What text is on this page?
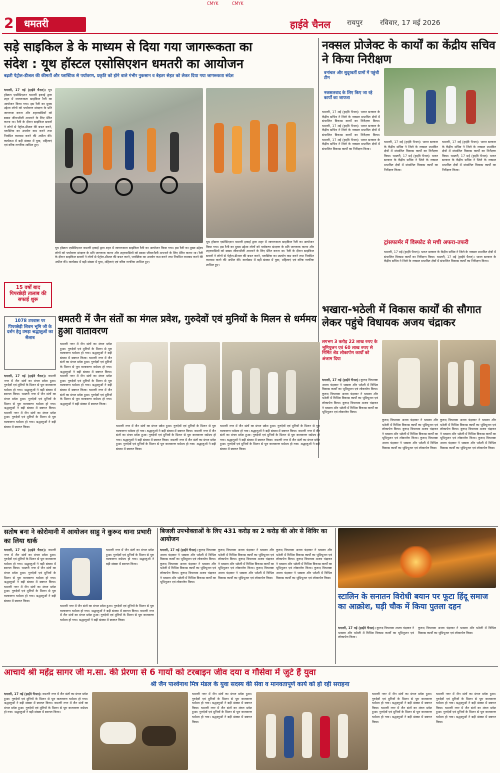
CMYK	CMYK
2	धमतरी	हाईवे चैनल रायपुर रविवार, 17 मई 2026
सड़े साइकिल डे के माध्यम से दिया गया जागरूकता का
संदेश : यूथ हॉस्टल एसोसिएशन धमतरी का आयोजन
बढ़ती पेट्रोल-डीजल की कीमतों और प्लास्टिक से पर्यावरण, प्रकृति को होने वाले गंभीर नुकसान व बेहतर सेहत को लेकर दिया गया जागरूकता संदेश
धमतरी, 17 मई (हाईवे चैनल)। यूथ हॉस्टल एसोसिएशन धमतरी इकाई द्वारा शहर में जागरूकता साइकिल रैली का आयोजन किया गया। इस रैली का मुख्य उद्देश्य लोगों को पर्यावरण संरक्षण के प्रति जागरूक करना और शहरवासियों को स्वस्थ जीवनशैली अपनाने के लिए प्रेरित करना था। रैली के दौरान साइकिल सवारों ने लोगों से पेट्रोल-डीजल की बचत करने, प्लास्टिक का उपयोग कम करने तथा नियमित व्यायाम करने की अपील की। कार्यक्रम में बड़ी संख्या में युवा, महिलाएं एवं वरिष्ठ नागरिक शामिल हुए।
यूथ हॉस्टल एसोसिएशन धमतरी इकाई द्वारा शहर में जागरूकता साइकिल रैली का आयोजन किया गया। इस रैली का मुख्य उद्देश्य लोगों को पर्यावरण संरक्षण के प्रति जागरूक करना और शहरवासियों को स्वस्थ जीवनशैली अपनाने के लिए प्रेरित करना था। रैली के दौरान साइकिल सवारों ने लोगों से पेट्रोल-डीजल की बचत करने, प्लास्टिक का उपयोग कम करने तथा नियमित व्यायाम करने की अपील की। कार्यक्रम में बड़ी संख्या में युवा, महिलाएं एवं वरिष्ठ नागरिक शामिल हुए।
यूथ हॉस्टल एसोसिएशन धमतरी इकाई द्वारा शहर में जागरूकता साइकिल रैली का आयोजन किया गया। इस रैली का मुख्य उद्देश्य लोगों को पर्यावरण संरक्षण के प्रति जागरूक करना और शहरवासियों को स्वस्थ जीवनशैली अपनाने के लिए प्रेरित करना था। रैली के दौरान साइकिल सवारों ने लोगों से पेट्रोल-डीजल की बचत करने, प्लास्टिक का उपयोग कम करने तथा नियमित व्यायाम करने की अपील की। कार्यक्रम में बड़ी संख्या में युवा, महिलाएं एवं वरिष्ठ नागरिक शामिल हुए।
15 वर्षों बाद पिपरछेड़ी तालाब की सफाई शुरू
नक्सल प्रोजेक्ट के कार्यों का केंद्रीय सचिव ने किया निरीक्षण
वनांचल और सुदूरवर्ती ग्रामों में पहुंची टीम
नकसलवाद के लिए किए जा रहे कार्यों का जायजा
धमतरी, 17 मई (हाईवे चैनल)। भारत सरकार के केंद्रीय सचिव ने जिले के नक्सल प्रभावित क्षेत्रों में संचालित विकास कार्यों का निरीक्षण किया। धमतरी, 17 मई (हाईवे चैनल)। भारत सरकार के केंद्रीय सचिव ने जिले के नक्सल प्रभावित क्षेत्रों में संचालित विकास कार्यों का निरीक्षण किया। धमतरी, 17 मई (हाईवे चैनल)। भारत सरकार के केंद्रीय सचिव ने जिले के नक्सल प्रभावित क्षेत्रों में संचालित विकास कार्यों का निरीक्षण किया।
धमतरी, 17 मई (हाईवे चैनल)। भारत सरकार के केंद्रीय सचिव ने जिले के नक्सल प्रभावित क्षेत्रों में संचालित विकास कार्यों का निरीक्षण किया। धमतरी, 17 मई (हाईवे चैनल)। भारत सरकार के केंद्रीय सचिव ने जिले के नक्सल प्रभावित क्षेत्रों में संचालित विकास कार्यों का निरीक्षण किया।
धमतरी, 17 मई (हाईवे चैनल)। भारत सरकार के केंद्रीय सचिव ने जिले के नक्सल प्रभावित क्षेत्रों में संचालित विकास कार्यों का निरीक्षण किया। धमतरी, 17 मई (हाईवे चैनल)। भारत सरकार के केंद्रीय सचिव ने जिले के नक्सल प्रभावित क्षेत्रों में संचालित विकास कार्यों का निरीक्षण किया।
ट्रांसफार्मर में विस्फोट से मची अफरा-तफरी
धमतरी, 17 मई (हाईवे चैनल)। भारत सरकार के केंद्रीय सचिव ने जिले के नक्सल प्रभावित क्षेत्रों में संचालित विकास कार्यों का निरीक्षण किया। धमतरी, 17 मई (हाईवे चैनल)। भारत सरकार के केंद्रीय सचिव ने जिले के नक्सल प्रभावित क्षेत्रों में संचालित विकास कार्यों का निरीक्षण किया।
धमतरी में जैन संतों का मंगल प्रवेश, गुरुदेवों एवं मुनियों के मिलन से धर्ममय हुआ वातावरण
1078 उपवास पर पिपरछेड़ी शिवम भूमि जी के दर्शन हेतु उमड़ा श्रद्धालुओं का सैलाब
धमतरी, 17 मई (हाईवे चैनल)। धमतरी नगर में जैन संतों का मंगल प्रवेश हुआ। गुरुदेवों एवं मुनियों के मिलन से पूरा वातावरण धर्ममय हो गया। श्रद्धालुओं ने बड़ी संख्या में स्वागत किया। धमतरी नगर में जैन संतों का मंगल प्रवेश हुआ। गुरुदेवों एवं मुनियों के मिलन से पूरा वातावरण धर्ममय हो गया। श्रद्धालुओं ने बड़ी संख्या में स्वागत किया। धमतरी नगर में जैन संतों का मंगल प्रवेश हुआ। गुरुदेवों एवं मुनियों के मिलन से पूरा वातावरण धर्ममय हो गया। श्रद्धालुओं ने बड़ी संख्या में स्वागत किया।
धमतरी नगर में जैन संतों का मंगल प्रवेश हुआ। गुरुदेवों एवं मुनियों के मिलन से पूरा वातावरण धर्ममय हो गया। श्रद्धालुओं ने बड़ी संख्या में स्वागत किया। धमतरी नगर में जैन संतों का मंगल प्रवेश हुआ। गुरुदेवों एवं मुनियों के मिलन से पूरा वातावरण धर्ममय हो गया। श्रद्धालुओं ने बड़ी संख्या में स्वागत किया। धमतरी नगर में जैन संतों का मंगल प्रवेश हुआ। गुरुदेवों एवं मुनियों के मिलन से पूरा वातावरण धर्ममय हो गया। श्रद्धालुओं ने बड़ी संख्या में स्वागत किया। धमतरी नगर में जैन संतों का मंगल प्रवेश हुआ। गुरुदेवों एवं मुनियों के मिलन से पूरा वातावरण धर्ममय हो गया। श्रद्धालुओं ने बड़ी संख्या में स्वागत किया।
धमतरी नगर में जैन संतों का मंगल प्रवेश हुआ। गुरुदेवों एवं मुनियों के मिलन से पूरा वातावरण धर्ममय हो गया। श्रद्धालुओं ने बड़ी संख्या में स्वागत किया। धमतरी नगर में जैन संतों का मंगल प्रवेश हुआ। गुरुदेवों एवं मुनियों के मिलन से पूरा वातावरण धर्ममय हो गया। श्रद्धालुओं ने बड़ी संख्या में स्वागत किया। धमतरी नगर में जैन संतों का मंगल प्रवेश हुआ। गुरुदेवों एवं मुनियों के मिलन से पूरा वातावरण धर्ममय हो गया। श्रद्धालुओं ने बड़ी संख्या में स्वागत किया।
धमतरी नगर में जैन संतों का मंगल प्रवेश हुआ। गुरुदेवों एवं मुनियों के मिलन से पूरा वातावरण धर्ममय हो गया। श्रद्धालुओं ने बड़ी संख्या में स्वागत किया। धमतरी नगर में जैन संतों का मंगल प्रवेश हुआ। गुरुदेवों एवं मुनियों के मिलन से पूरा वातावरण धर्ममय हो गया। श्रद्धालुओं ने बड़ी संख्या में स्वागत किया। धमतरी नगर में जैन संतों का मंगल प्रवेश हुआ। गुरुदेवों एवं मुनियों के मिलन से पूरा वातावरण धर्ममय हो गया। श्रद्धालुओं ने बड़ी संख्या में स्वागत किया।
भखारा-भठेली में विकास कार्यों की सौगात लेकर पहुंचे विधायक अजय चंद्राकर
लगभग 3 करोड़ 22 लाख रुपए के भूमिपूजन एवं 60 लाख रुपए से निर्मित शेड लोकार्पण कार्यों को अंजाम दिया
धमतरी, 17 मई (हाईवे चैनल)। कुरूद विधायक अजय चंद्राकर ने भखारा और भठेली में विभिन्न विकास कार्यों का भूमिपूजन एवं लोकार्पण किया। कुरूद विधायक अजय चंद्राकर ने भखारा और भठेली में विभिन्न विकास कार्यों का भूमिपूजन एवं लोकार्पण किया। कुरूद विधायक अजय चंद्राकर ने भखारा और भठेली में विभिन्न विकास कार्यों का भूमिपूजन एवं लोकार्पण किया।
कुरूद विधायक अजय चंद्राकर ने भखारा और भठेली में विभिन्न विकास कार्यों का भूमिपूजन एवं लोकार्पण किया। कुरूद विधायक अजय चंद्राकर ने भखारा और भठेली में विभिन्न विकास कार्यों का भूमिपूजन एवं लोकार्पण किया। कुरूद विधायक अजय चंद्राकर ने भखारा और भठेली में विभिन्न विकास कार्यों का भूमिपूजन एवं लोकार्पण किया।
कुरूद विधायक अजय चंद्राकर ने भखारा और भठेली में विभिन्न विकास कार्यों का भूमिपूजन एवं लोकार्पण किया। कुरूद विधायक अजय चंद्राकर ने भखारा और भठेली में विभिन्न विकास कार्यों का भूमिपूजन एवं लोकार्पण किया। कुरूद विधायक अजय चंद्राकर ने भखारा और भठेली में विभिन्न विकास कार्यों का भूमिपूजन एवं लोकार्पण किया।
सतोष बना ने कोरोमानी में आयोजन साहु ने कुरूद थाना प्रभारी का लिया धार्क
धमतरी, 17 मई (हाईवे चैनल)। धमतरी नगर में जैन संतों का मंगल प्रवेश हुआ। गुरुदेवों एवं मुनियों के मिलन से पूरा वातावरण धर्ममय हो गया। श्रद्धालुओं ने बड़ी संख्या में स्वागत किया। धमतरी नगर में जैन संतों का मंगल प्रवेश हुआ। गुरुदेवों एवं मुनियों के मिलन से पूरा वातावरण धर्ममय हो गया। श्रद्धालुओं ने बड़ी संख्या में स्वागत किया। धमतरी नगर में जैन संतों का मंगल प्रवेश हुआ। गुरुदेवों एवं मुनियों के मिलन से पूरा वातावरण धर्ममय हो गया। श्रद्धालुओं ने बड़ी संख्या में स्वागत किया।
धमतरी नगर में जैन संतों का मंगल प्रवेश हुआ। गुरुदेवों एवं मुनियों के मिलन से पूरा वातावरण धर्ममय हो गया। श्रद्धालुओं ने बड़ी संख्या में स्वागत किया। धमतरी नगर में जैन संतों का मंगल प्रवेश हुआ। गुरुदेवों एवं मुनियों के मिलन से पूरा वातावरण धर्ममय हो गया। श्रद्धालुओं ने बड़ी संख्या में स्वागत किया।
धमतरी नगर में जैन संतों का मंगल प्रवेश हुआ। गुरुदेवों एवं मुनियों के मिलन से पूरा वातावरण धर्ममय हो गया। श्रद्धालुओं ने बड़ी संख्या में स्वागत किया।
बिजली उपभोक्ताओं के लिए 431 करोड़ का 2 करोड़ की ओर से शिविर का आयोजन
धमतरी, 17 मई (हाईवे चैनल)। कुरूद विधायक अजय चंद्राकर ने भखारा और भठेली में विभिन्न विकास कार्यों का भूमिपूजन एवं लोकार्पण किया। कुरूद विधायक अजय चंद्राकर ने भखारा और भठेली में विभिन्न विकास कार्यों का भूमिपूजन एवं लोकार्पण किया। कुरूद विधायक अजय चंद्राकर ने भखारा और भठेली में विभिन्न विकास कार्यों का भूमिपूजन एवं लोकार्पण किया।
कुरूद विधायक अजय चंद्राकर ने भखारा और भठेली में विभिन्न विकास कार्यों का भूमिपूजन एवं लोकार्पण किया। कुरूद विधायक अजय चंद्राकर ने भखारा और भठेली में विभिन्न विकास कार्यों का भूमिपूजन एवं लोकार्पण किया। कुरूद विधायक अजय चंद्राकर ने भखारा और भठेली में विभिन्न विकास कार्यों का भूमिपूजन एवं लोकार्पण किया।
कुरूद विधायक अजय चंद्राकर ने भखारा और भठेली में विभिन्न विकास कार्यों का भूमिपूजन एवं लोकार्पण किया। कुरूद विधायक अजय चंद्राकर ने भखारा और भठेली में विभिन्न विकास कार्यों का भूमिपूजन एवं लोकार्पण किया। कुरूद विधायक अजय चंद्राकर ने भखारा और भठेली में विभिन्न विकास कार्यों का भूमिपूजन एवं लोकार्पण किया।
स्टालिन के सनातन विरोधी बयान पर फूटा हिंदू समाज का आक्रोश, घड़ी चौक में किया पुतला दहन
धमतरी, 17 मई (हाईवे चैनल)। कुरूद विधायक अजय चंद्राकर ने भखारा और भठेली में विभिन्न विकास कार्यों का भूमिपूजन एवं लोकार्पण किया।
कुरूद विधायक अजय चंद्राकर ने भखारा और भठेली में विभिन्न विकास कार्यों का भूमिपूजन एवं लोकार्पण किया।
आचार्य श्री महेंद्र सागर जी म.सा. की प्रेरणा से 6 गायों को टरबाइन जीव दया व गौसेवा में जुटे हैं युवा
श्री जैन पार्श्वनाथ मित्र मंडल के युवा सदस्य की सेवा व मानवतापूर्ण कार्य को हो रही सराहना
धमतरी, 17 मई (हाईवे चैनल)। धमतरी नगर में जैन संतों का मंगल प्रवेश हुआ। गुरुदेवों एवं मुनियों के मिलन से पूरा वातावरण धर्ममय हो गया। श्रद्धालुओं ने बड़ी संख्या में स्वागत किया। धमतरी नगर में जैन संतों का मंगल प्रवेश हुआ। गुरुदेवों एवं मुनियों के मिलन से पूरा वातावरण धर्ममय हो गया। श्रद्धालुओं ने बड़ी संख्या में स्वागत किया।
धमतरी नगर में जैन संतों का मंगल प्रवेश हुआ। गुरुदेवों एवं मुनियों के मिलन से पूरा वातावरण धर्ममय हो गया। श्रद्धालुओं ने बड़ी संख्या में स्वागत किया। धमतरी नगर में जैन संतों का मंगल प्रवेश हुआ। गुरुदेवों एवं मुनियों के मिलन से पूरा वातावरण धर्ममय हो गया। श्रद्धालुओं ने बड़ी संख्या में स्वागत किया।
धमतरी नगर में जैन संतों का मंगल प्रवेश हुआ। गुरुदेवों एवं मुनियों के मिलन से पूरा वातावरण धर्ममय हो गया। श्रद्धालुओं ने बड़ी संख्या में स्वागत किया। धमतरी नगर में जैन संतों का मंगल प्रवेश हुआ। गुरुदेवों एवं मुनियों के मिलन से पूरा वातावरण धर्ममय हो गया। श्रद्धालुओं ने बड़ी संख्या में स्वागत किया।
धमतरी नगर में जैन संतों का मंगल प्रवेश हुआ। गुरुदेवों एवं मुनियों के मिलन से पूरा वातावरण धर्ममय हो गया। श्रद्धालुओं ने बड़ी संख्या में स्वागत किया। धमतरी नगर में जैन संतों का मंगल प्रवेश हुआ। गुरुदेवों एवं मुनियों के मिलन से पूरा वातावरण धर्ममय हो गया। श्रद्धालुओं ने बड़ी संख्या में स्वागत किया।
